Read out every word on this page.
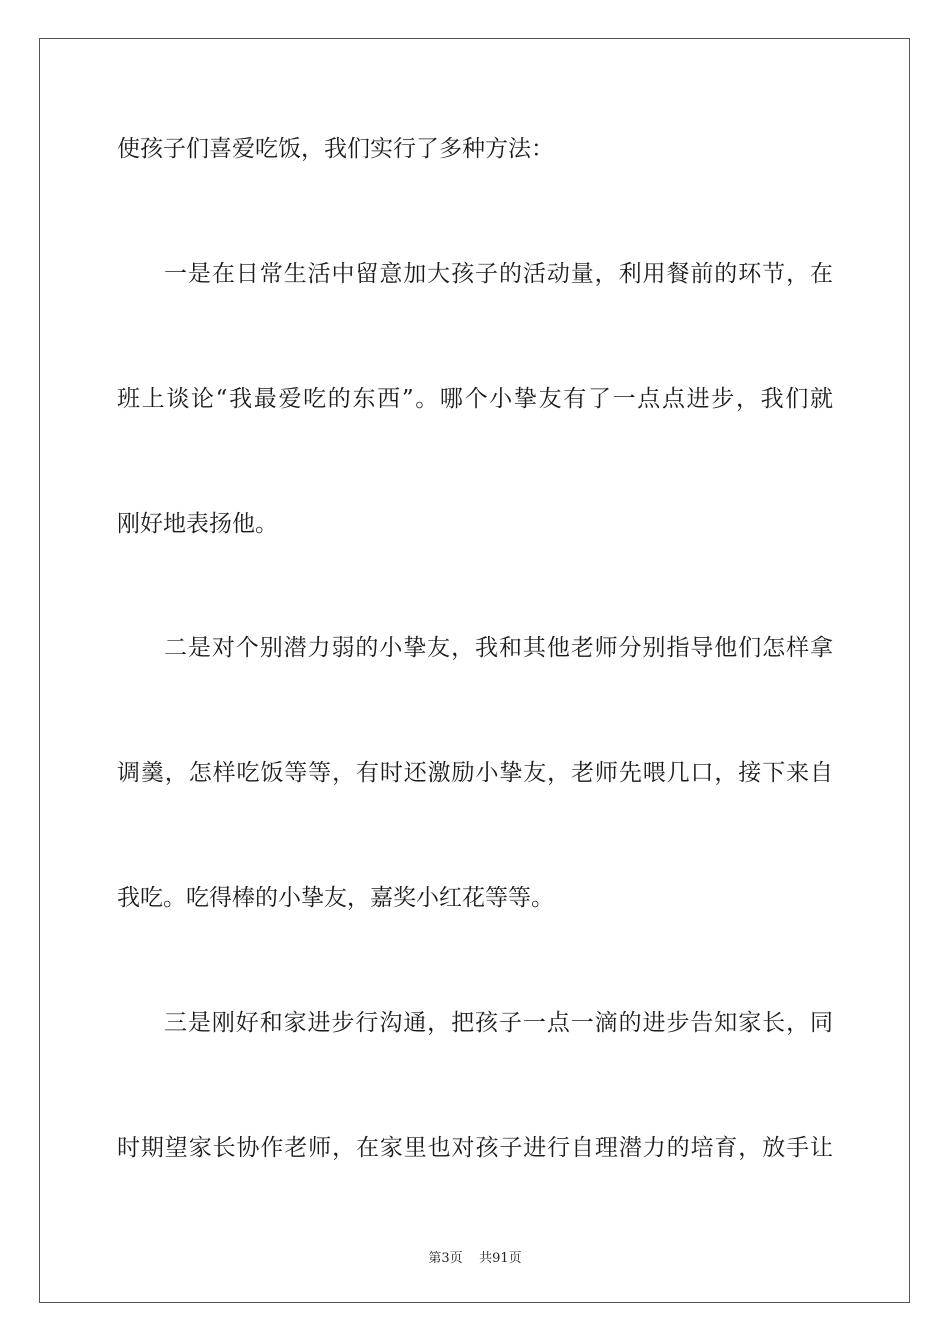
使孩子们喜爱吃饭，我们实行了多种方法：
一是在日常生活中留意加大孩子的活动量，利用餐前的环节，在
班上谈论“我最爱吃的东西”。哪个小挚友有了一点点进步，我们就
刚好地表扬他。
二是对个别潜力弱的小挚友，我和其他老师分别指导他们怎样拿
调羹，怎样吃饭等等，有时还激励小挚友，老师先喂几口，接下来自
我吃。吃得棒的小挚友，嘉奖小红花等等。
三是刚好和家进步行沟通，把孩子一点一滴的进步告知家长，同
时期望家长协作老师，在家里也对孩子进行自理潜力的培育，放手让
第3页 共91页
